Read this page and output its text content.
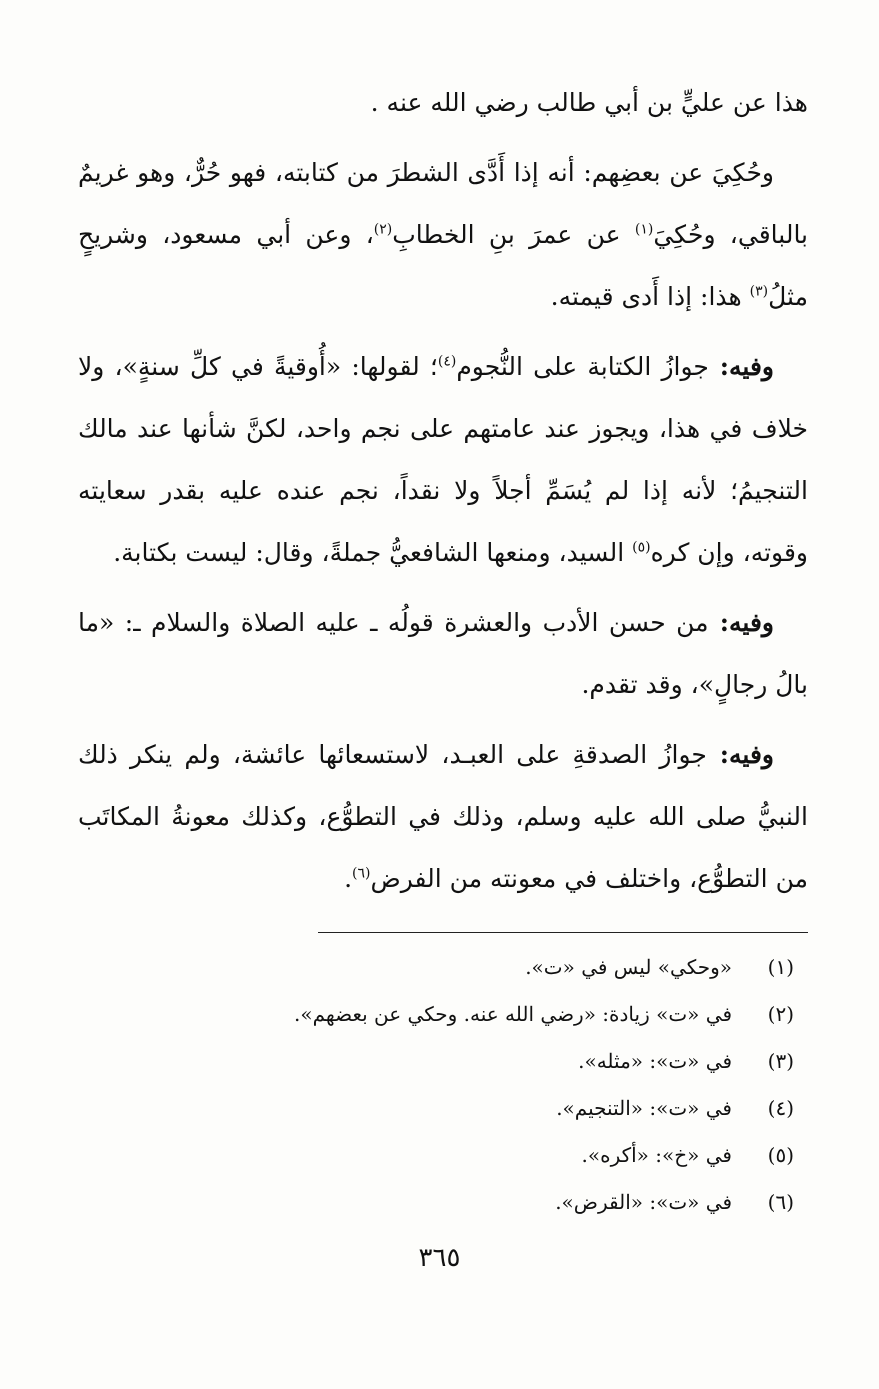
هذا عن عليٍّ بن أبي طالب رضي الله عنه .

وحُكِيَ عن بعضِهم: أنه إذا أَدَّى الشطرَ من كتابته، فهو حُرٌّ، وهو غريمٌ بالباقي، وحُكِيَ$^{(١)}$ عن عمرَ بنِ الخطابِ$^{(٢)}$، وعن أبي مسعود، وشريحٍ مثلُ$^{(٣)}$ هذا: إذا أَدى قيمته.

وفيه: جوازُ الكتابة على النُّجوم$^{(٤)}$؛ لقولها: «أُوقيةً في كلِّ سنةٍ»، ولا خلاف في هذا، ويجوز عند عامتهم على نجم واحد، لكنَّ شأنها عند مالك التنجيمُ؛ لأنه إذا لم يُسَمِّ أجلاً ولا نقداً، نجم عنده عليه بقدر سعايته وقوته، وإن كره$^{(٥)}$ السيد، ومنعها الشافعيُّ جملةً، وقال: ليست بكتابة.

وفيه: من حسن الأدب والعشرة قولُه ـ عليه الصلاة والسلام ـ: «ما بالُ رجالٍ»، وقد تقدم.

وفيه: جوازُ الصدقةِ على العبـد، لاستسعائها عائشة، ولم ينكر ذلك النبيُّ صلى الله عليه وسلم، وذلك في التطوُّع، وكذلك معونةُ المكاتَب من التطوُّع، واختلف في معونته من الفرض$^{(٦)}$.

(١)«وحكي» ليس في «ت».
(٢)في «ت» زيادة: «رضي الله عنه. وحكي عن بعضهم».
(٣)في «ت»: «مثله».
(٤)في «ت»: «التنجيم».
(٥)في «خ»: «أكره».
(٦)في «ت»: «القرض».
٣٦٥
